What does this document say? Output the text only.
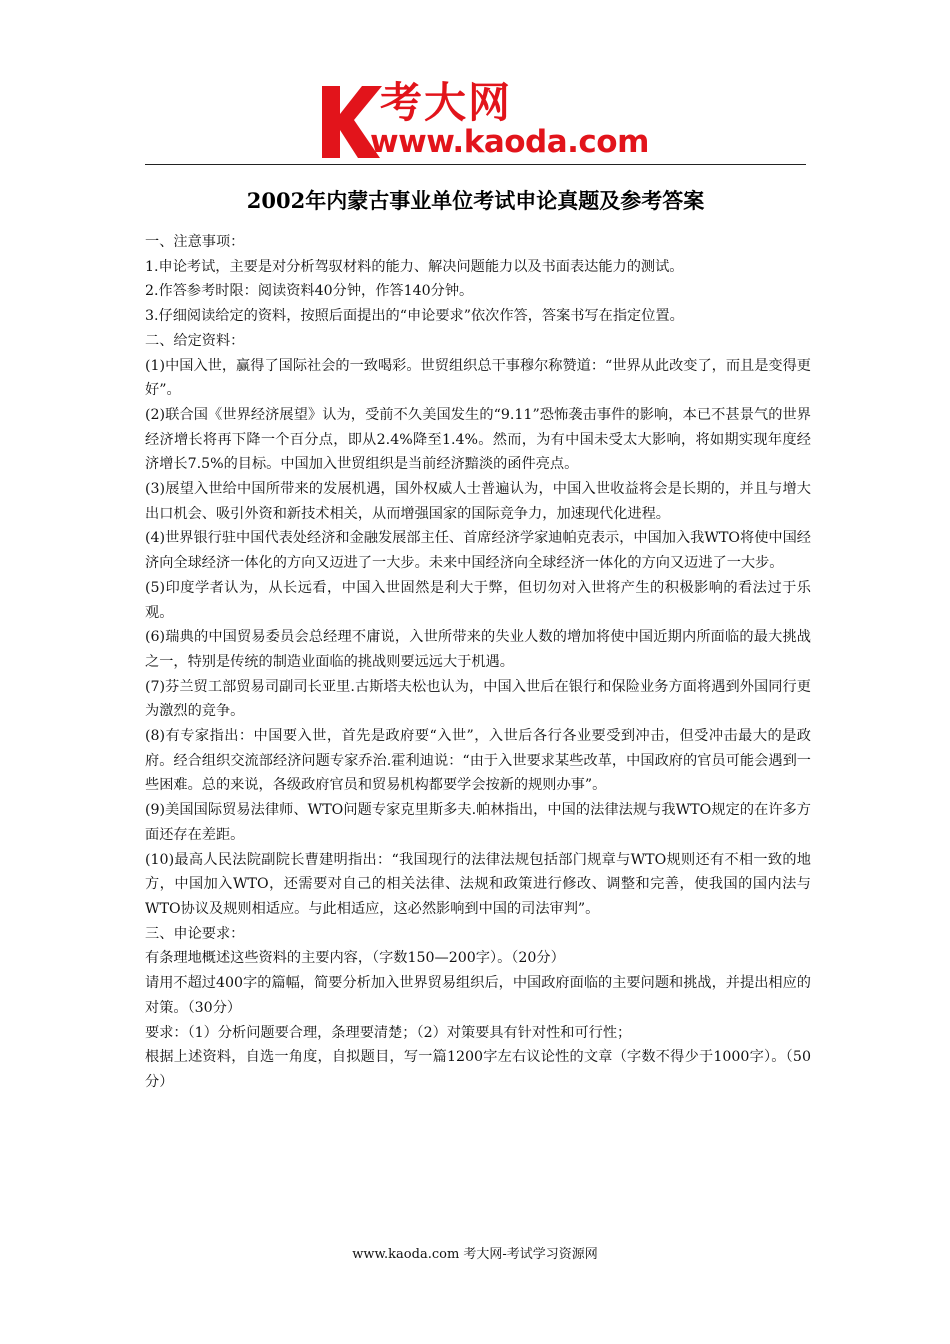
考大网
www.kaoda.com
2002年内蒙古事业单位考试申论真题及参考答案

一、注意事项：

1.申论考试，主要是对分析驾驭材料的能力、解决问题能力以及书面表达能力的测试。

2.作答参考时限：阅读资料40分钟，作答140分钟。

3.仔细阅读给定的资料，按照后面提出的“申论要求”依次作答，答案书写在指定位置。

二、给定资料：

(1)中国入世，赢得了国际社会的一致喝彩。世贸组织总干事穆尔称赞道：“世界从此改变了，而且是变得更好”。

(2)联合国《世界经济展望》认为，受前不久美国发生的“9.11”恐怖袭击事件的影响，本已不甚景气的世界经济增长将再下降一个百分点，即从2.4%降至1.4%。然而，为有中国未受太大影响，将如期实现年度经济增长7.5%的目标。中国加入世贸组织是当前经济黯淡的函件亮点。

(3)展望入世给中国所带来的发展机遇，国外权威人士普遍认为，中国入世收益将会是长期的，并且与增大出口机会、吸引外资和新技术相关，从而增强国家的国际竞争力，加速现代化进程。

(4)世界银行驻中国代表处经济和金融发展部主任、首席经济学家迪帕克表示，中国加入我WTO将使中国经济向全球经济一体化的方向又迈进了一大步。未来中国经济向全球经济一体化的方向又迈进了一大步。

(5)印度学者认为，从长远看，中国入世固然是利大于弊，但切勿对入世将产生的积极影响的看法过于乐观。

(6)瑞典的中国贸易委员会总经理不庸说，入世所带来的失业人数的增加将使中国近期内所面临的最大挑战之一，特别是传统的制造业面临的挑战则要远远大于机遇。

(7)芬兰贸工部贸易司副司长亚里.古斯塔夫松也认为，中国入世后在银行和保险业务方面将遇到外国同行更为激烈的竞争。

(8)有专家指出：中国要入世，首先是政府要“入世”，入世后各行各业要受到冲击，但受冲击最大的是政府。经合组织交流部经济问题专家乔治.霍利迪说：“由于入世要求某些改革，中国政府的官员可能会遇到一些困难。总的来说，各级政府官员和贸易机构都要学会按新的规则办事”。

(9)美国国际贸易法律师、WTO问题专家克里斯多夫.帕林指出，中国的法律法规与我WTO规定的在许多方面还存在差距。

(10)最高人民法院副院长曹建明指出：“我国现行的法律法规包括部门规章与WTO规则还有不相一致的地方，中国加入WTO，还需要对自己的相关法律、法规和政策进行修改、调整和完善，使我国的国内法与WTO协议及规则相适应。与此相适应，这必然影响到中国的司法审判”。

三、申论要求：

有条理地概述这些资料的主要内容，（字数150—200字）。（20分）

请用不超过400字的篇幅，简要分析加入世界贸易组织后，中国政府面临的主要问题和挑战，并提出相应的对策。（30分）

要求：（1）分析问题要合理，条理要清楚；（2）对策要具有针对性和可行性；

根据上述资料，自选一角度，自拟题目，写一篇1200字左右议论性的文章（字数不得少于1000字）。（50分）

www.kaoda.com 考大网-考试学习资源网
